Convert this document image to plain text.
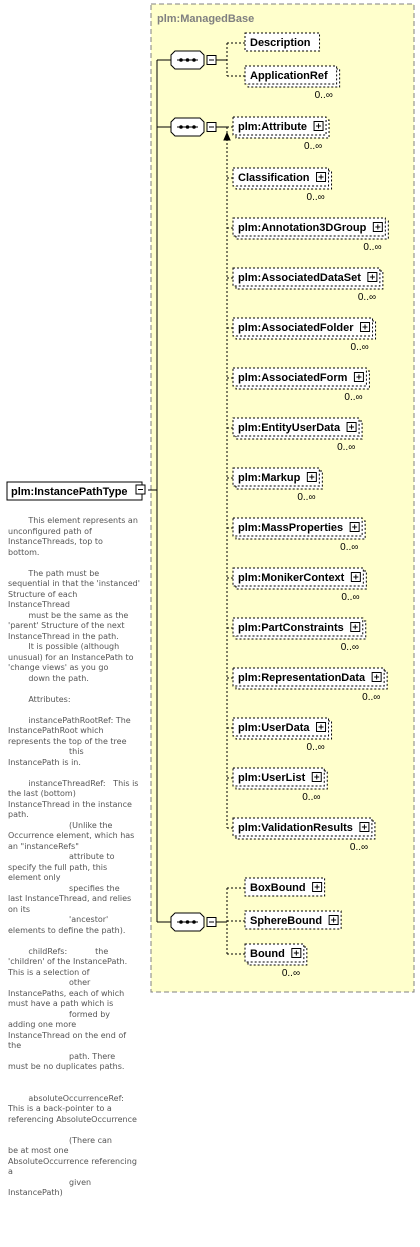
plm:ManagedBase
Description
ApplicationRef
0..∞
plm:Attribute
0..∞
Classification
0..∞
plm:Annotation3DGroup
0..∞
plm:AssociatedDataSet
0..∞
plm:AssociatedFolder
0..∞
plm:AssociatedForm
0..∞
plm:EntityUserData
0..∞
plm:Markup
0..∞
plm:MassProperties
0..∞
plm:MonikerContext
0..∞
plm:PartConstraints
0..∞
plm:RepresentationData
0..∞
plm:UserData
0..∞
plm:UserList
0..∞
plm:ValidationResults
0..∞
BoxBound
SphereBound
Bound
0..∞
plm:InstancePathType
This element represents an
unconfigured path of
InstanceThreads, top to
bottom.

The path must be
sequential in that the 'instanced'
Structure of each
InstanceThread
must be the same as the
'parent' Structure of the next
InstanceThread in the path.
It is possible (although
unusual) for an InstancePath to
'change views' as you go
down the path.

Attributes:

instancePathRootRef: The
InstancePathRoot which
represents the top of the tree
this
InstancePath is in.

instanceThreadRef:   This is
the last (bottom)
InstanceThread in the instance
path.
(Unlike the
Occurrence element, which has
an "instanceRefs"
attribute to
specify the full path, this
element only
specifies the
last InstanceThread, and relies
on its
'ancestor'
elements to define the path).

childRefs:           the
'children' of the InstancePath.
This is a selection of
other
InstancePaths, each of which
must have a path which is
formed by
adding one more
InstanceThread on the end of
the
path. There
must be no duplicates paths.

absoluteOccurrenceRef:
This is a back-pointer to a
referencing AbsoluteOccurrence

(There can
be at most one
AbsoluteOccurrence referencing
a
given
InstancePath)
